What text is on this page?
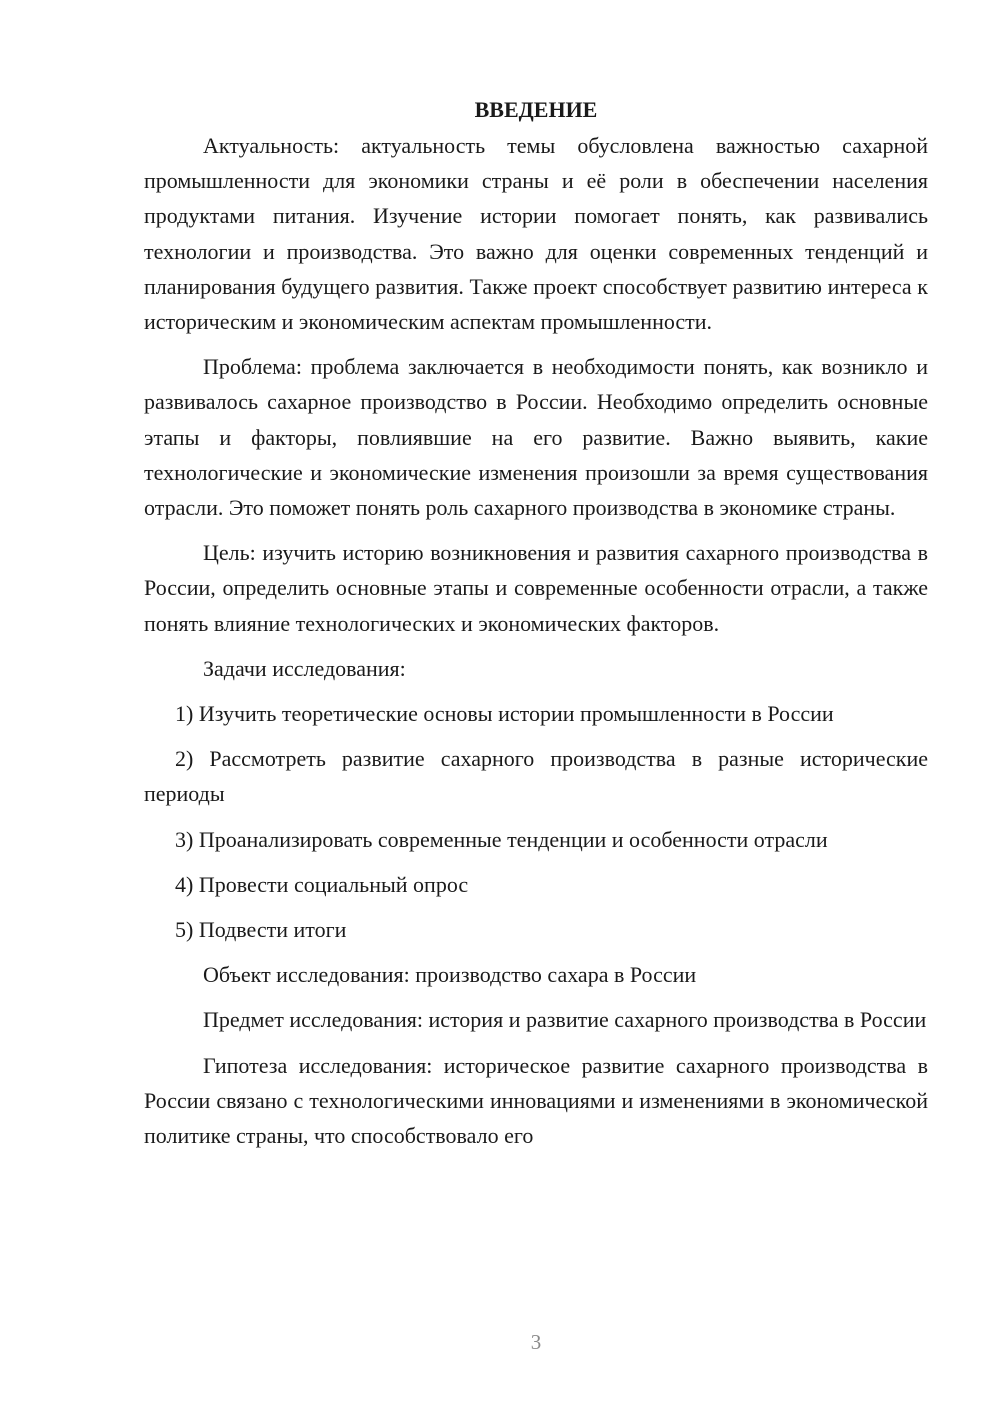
ВВЕДЕНИЕ

Актуальность: актуальность темы обусловлена важностью сахарной промышленности для экономики страны и её роли в обеспечении населения продуктами питания. Изучение истории помогает понять, как развивались технологии и производства. Это важно для оценки современных тенденций и планирования будущего развития. Также проект способствует развитию интереса к историческим и экономическим аспектам промышленности.

Проблема: проблема заключается в необходимости понять, как возникло и развивалось сахарное производство в России. Необходимо определить основные этапы и факторы, повлиявшие на его развитие. Важно выявить, какие технологические и экономические изменения произошли за время существования отрасли. Это поможет понять роль сахарного производства в экономике страны.

Цель: изучить историю возникновения и развития сахарного производства в России, определить основные этапы и современные особенности отрасли, а также понять влияние технологических и экономических факторов.

Задачи исследования:

1) Изучить теоретические основы истории промышленности в России

2) Рассмотреть развитие сахарного производства в разные исторические периоды

3) Проанализировать современные тенденции и особенности отрасли

4) Провести социальный опрос

5) Подвести итоги

Объект исследования: производство сахара в России

Предмет исследования: история и развитие сахарного производства в России

Гипотеза исследования: историческое развитие сахарного производства в России связано с технологическими инновациями и изменениями в экономической политике страны, что способствовало его

3
